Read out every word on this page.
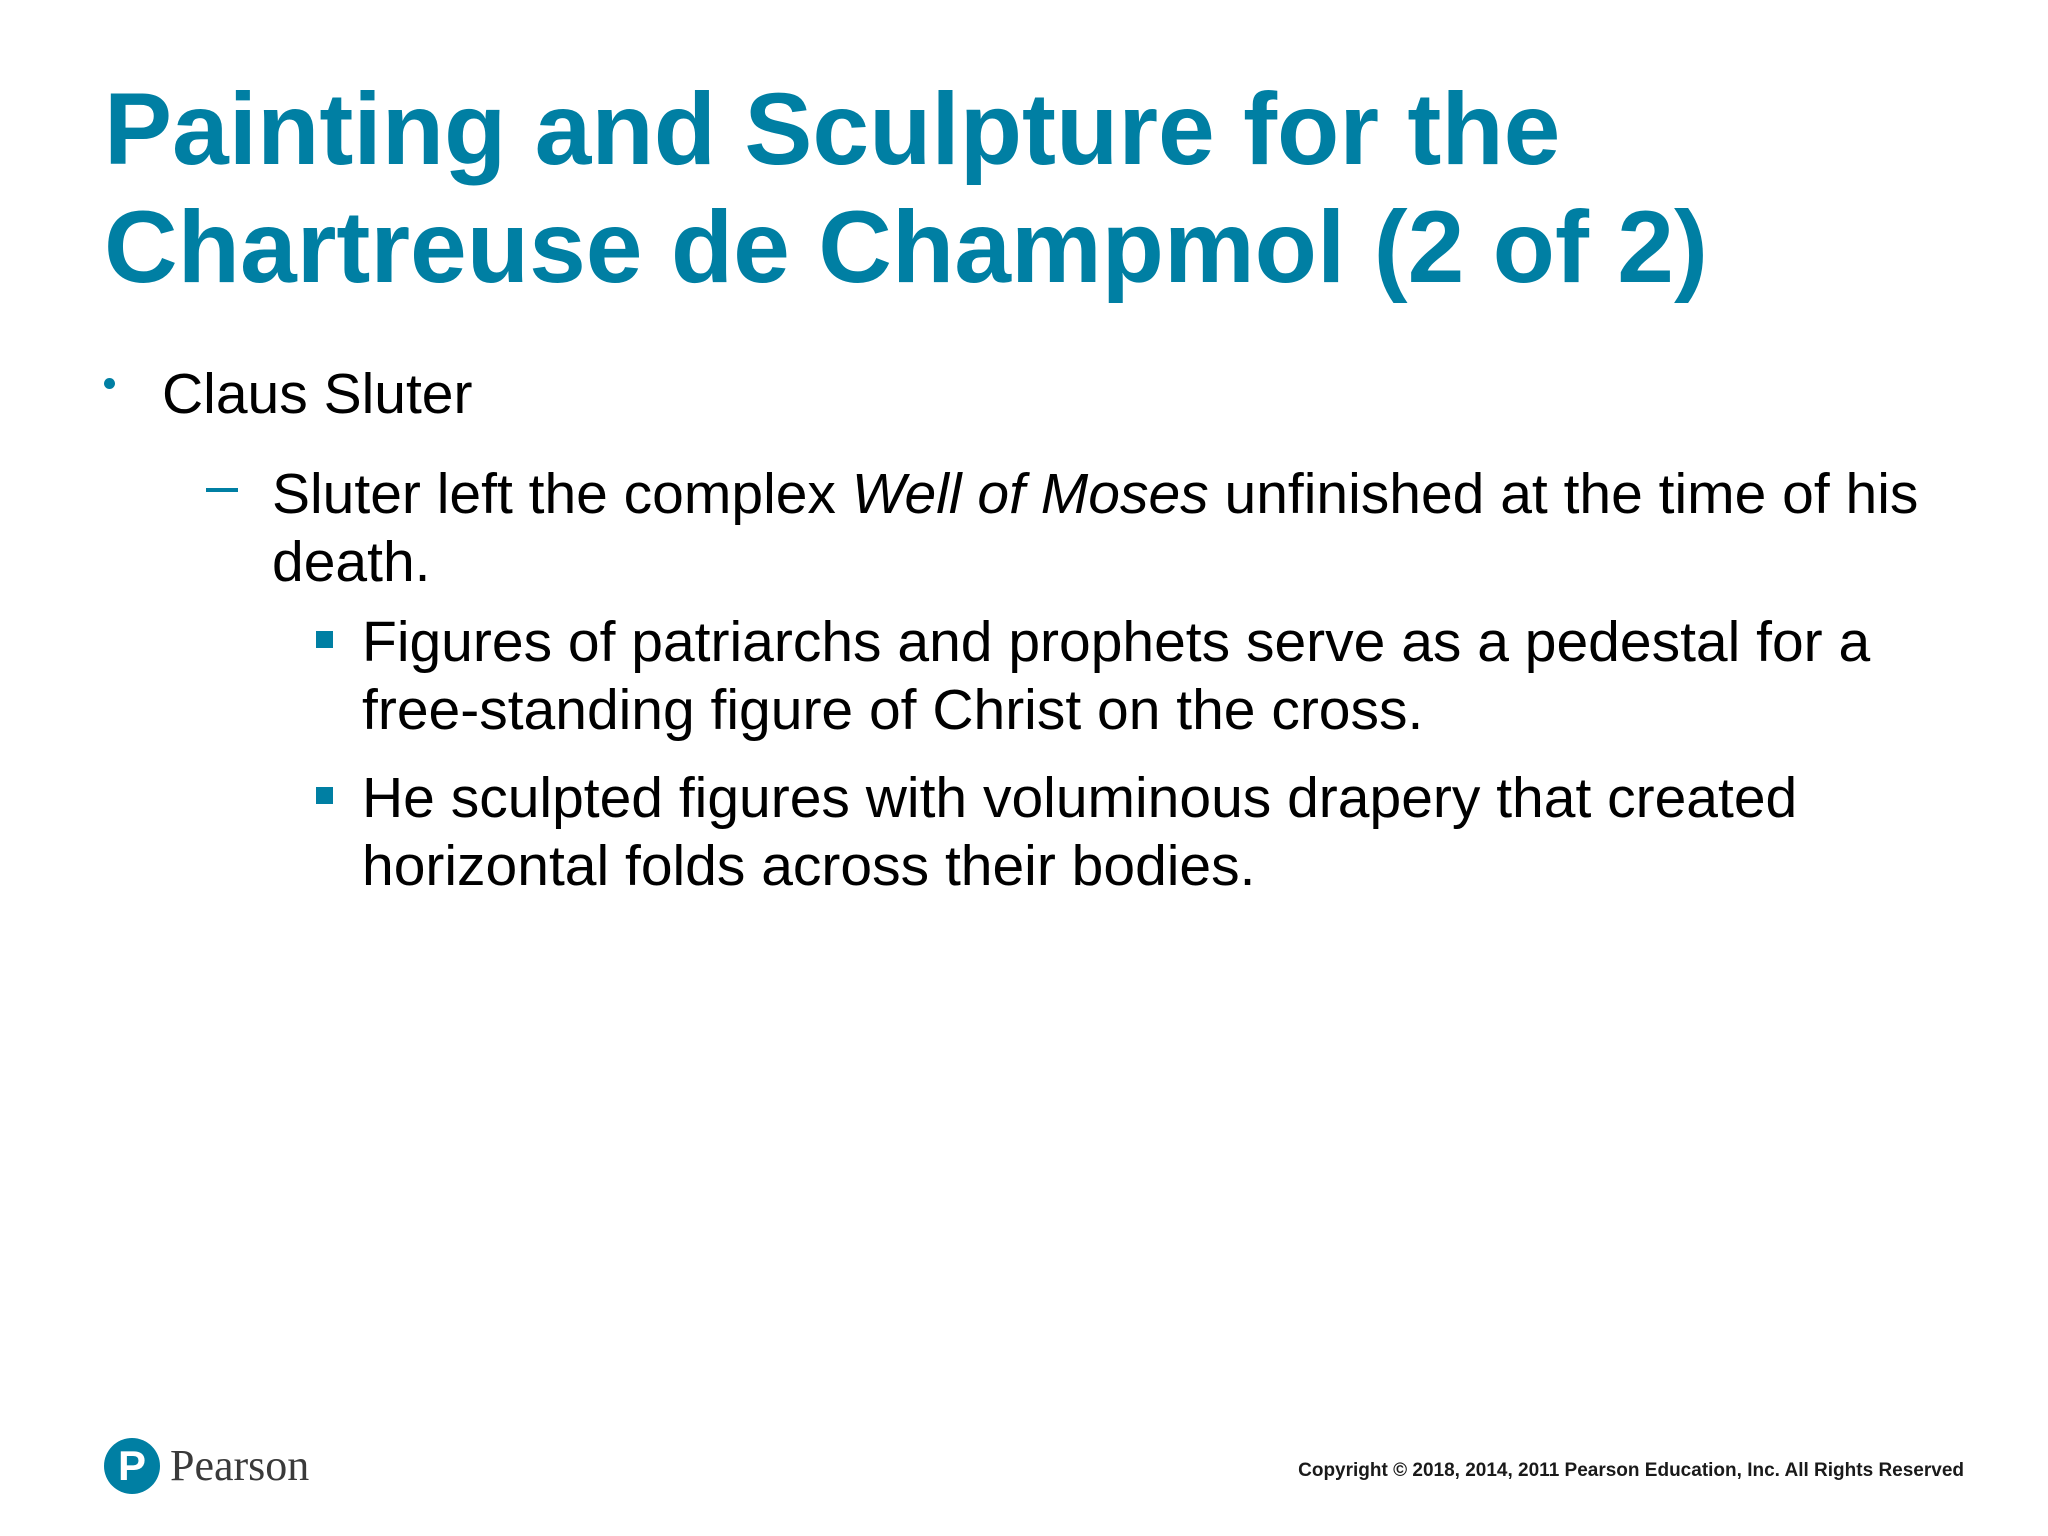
Painting and Sculpture for the
Chartreuse de Champmol (2 of 2)
Claus Sluter
Sluter left the complex Well of Moses unfinished at the time of his death.
Figures of patriarchs and prophets serve as a pedestal for a free-standing figure of Christ on the cross.
He sculpted figures with voluminous drapery that created horizontal folds across their bodies.
P Pearson	Copyright © 2018, 2014, 2011 Pearson Education, Inc. All Rights Reserved
